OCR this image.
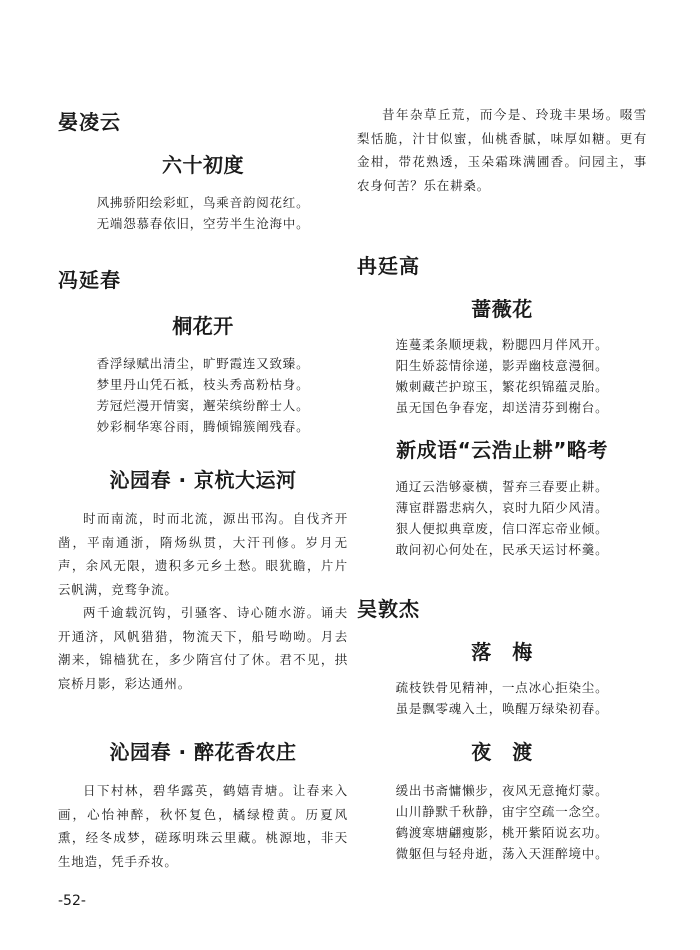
晏凌云
六十初度
风拂骄阳绘彩虹，鸟乘音韵阅花红。
无端怨慕春依旧，空劳半生沧海中。
冯延春
桐花开
香浮绿赋出清尘，旷野霞连又致臻。
梦里丹山凭石袛，枝头秀髙粉枯身。
芳冠烂漫开情窦，邂荣缤纷醉士人。
妙彩桐华寒谷雨，腾倾锦簇阐残春。
沁园春 · 京杭大运河

时而南流，时而北流，源出邗沟。自伐齐开凿，平南通浙，隋炀纵贯，大汗刊修。岁月无声，余风无限，遗积多元乡土愁。眼犹瞻，片片云帆满，竞骛争流。

两千逾载沉钩，引骚客、诗心随水游。诵夫开通济，风帆猎猎，物流天下，船号呦呦。月去潮来，锦樯犹在，多少隋宫付了休。君不见，拱宸桥月影，彩达通州。

沁园春 · 醉花香农庄

日下村林，碧华露英，鹤嬉青塘。让春来入画，心怡神醉，秋怀复色，橘绿橙黄。历夏风熏，经冬成梦，磋琢明珠云里藏。桃源地，非天生地造，凭手乔妆。

昔年杂草丘荒，而今是、玲珑丰果场。啜雪梨恬脆，汁甘似蜜，仙桃香腻，味厚如糖。更有金柑，带花熟透，玉朵霜珠满圃香。问园主，事农身何苦？乐在耕桑。

冉廷高
蔷薇花
连蔓柔条顺埂栽，粉腮四月伴风开。
阳生娇蕊情徐递，影弄幽枝意漫徊。
嫩刺藏芒护琼玉，繁花织锦蕴灵胎。
虽无国色争春宠，却送清芬到榭台。
新成语“云浩止耕”略考
通辽云浩够豪横，誓弃三春要止耕。
薄宦群嚣悲病久，哀时九陌少风清。
狠人便拟典章废，信口浑忘帝业倾。
敢问初心何处在，民承天运讨杯羹。
吴敦杰
落　梅
疏枝铁骨见精神，一点冰心拒染尘。
虽是飘零魂入土，唤醒万绿染初春。
夜　渡
缓出书斋慵懒步，夜风无意掩灯蒙。
山川静默千秋静，宙宇空疏一念空。
鹤渡寒塘翩瘦影，桃开紫陌说玄功。
微躯但与轻舟逝，荡入天涯醉境中。
-52-
